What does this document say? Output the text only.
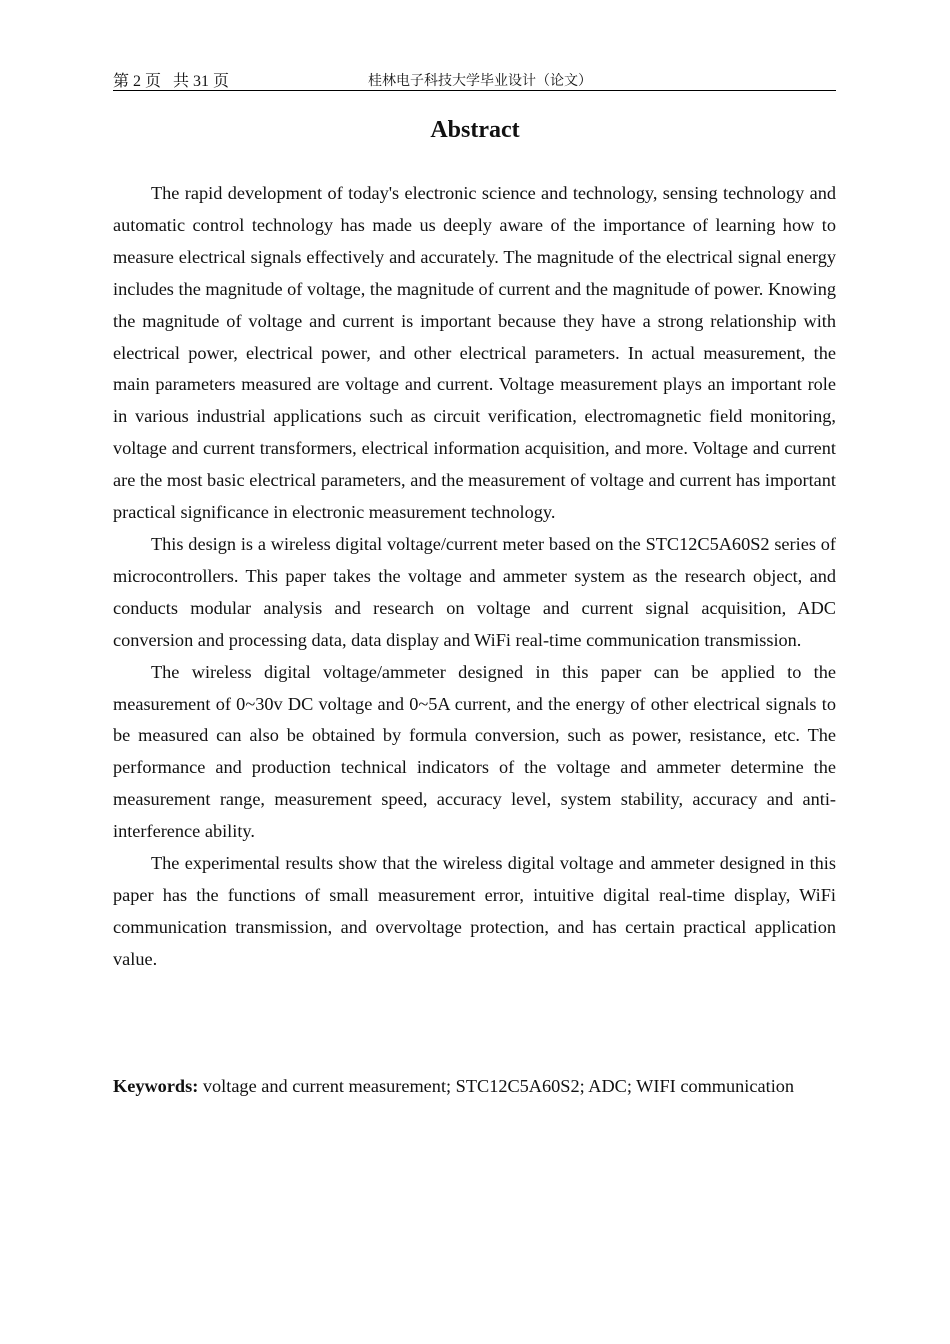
第 2 页   共 31 页	桂林电子科技大学毕业设计（论文）
Abstract

The rapid development of today's electronic science and technology, sensing technology and automatic control technology has made us deeply aware of the importance of learning how to measure electrical signals effectively and accurately. The magnitude of the electrical signal energy includes the magnitude of voltage, the magnitude of current and the magnitude of power. Knowing the magnitude of voltage and current is important because they have a strong relationship with electrical power, electrical power, and other electrical parameters. In actual measurement, the main parameters measured are voltage and current. Voltage measurement plays an important role in various industrial applications such as circuit verification, electromagnetic field monitoring, voltage and current transformers, electrical information acquisition, and more. Voltage and current are the most basic electrical parameters, and the measurement of voltage and current has important practical significance in electronic measurement technology.

This design is a wireless digital voltage/current meter based on the STC12C5A60S2 series of microcontrollers. This paper takes the voltage and ammeter system as the research object, and conducts modular analysis and research on voltage and current signal acquisition, ADC conversion and processing data, data display and WiFi real-time communication transmission.

The wireless digital voltage/ammeter designed in this paper can be applied to the measurement of 0~30v DC voltage and 0~5A current, and the energy of other electrical signals to be measured can also be obtained by formula conversion, such as power, resistance, etc. The performance and production technical indicators of the voltage and ammeter determine the measurement range, measurement speed, accuracy level, system stability, accuracy and anti-interference ability.

The experimental results show that the wireless digital voltage and ammeter designed in this paper has the functions of small measurement error, intuitive digital real-time display, WiFi communication transmission, and overvoltage protection, and has certain practical application value.

Keywords: voltage and current measurement; STC12C5A60S2; ADC; WIFI communication
